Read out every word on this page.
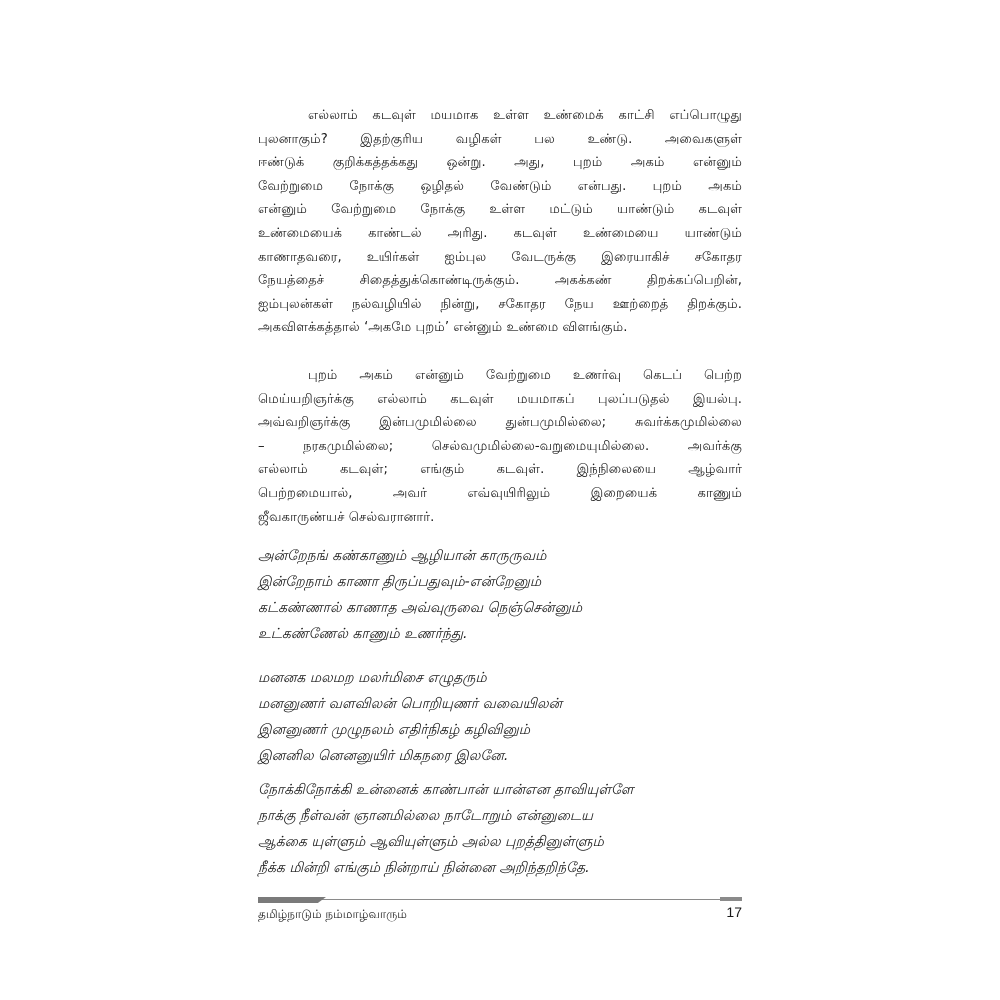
எல்லாம் கடவுள் மயமாக உள்ள உண்மைக் காட்சி எப்பொழுது
புலனாகும்? இதற்குரிய வழிகள் பல உண்டு. அவைகளுள்
ஈண்டுக் குறிக்கத்தக்கது ஒன்று. அது, புறம் அகம் என்னும்
வேற்றுமை நோக்கு ஒழிதல் வேண்டும் என்பது. புறம் அகம்
என்னும் வேற்றுமை நோக்கு உள்ள மட்டும் யாண்டும் கடவுள்
உண்மையைக் காண்டல் அரிது. கடவுள் உண்மையை யாண்டும்
காணாதவரை, உயிர்கள் ஐம்புல வேடருக்கு இரையாகிச் சகோதர
நேயத்தைச் சிதைத்துக்கொண்டிருக்கும். அகக்கண் திறக்கப்பெறின்,
ஐம்புலன்கள் நல்வழியில் நின்று, சகோதர நேய ஊற்றைத் திறக்கும்.
அகவிளக்கத்தால் ‘அகமே புறம்’ என்னும் உண்மை விளங்கும்.
புறம் அகம் என்னும் வேற்றுமை உணர்வு கெடப் பெற்ற
மெய்யறிஞர்க்கு எல்லாம் கடவுள் மயமாகப் புலப்படுதல் இயல்பு.
அவ்வறிஞர்க்கு இன்பமுமில்லை துன்பமுமில்லை; சுவர்க்கமுமில்லை
– நரகமுமில்லை; செல்வமுமில்லை-வறுமையுமில்லை. அவர்க்கு
எல்லாம் கடவுள்; எங்கும் கடவுள். இந்நிலையை ஆழ்வார்
பெற்றமையால், அவர் எவ்வுயிரிலும் இறையைக் காணும்
ஜீவகாருண்யச் செல்வரானார்.
அன்றேநங் கண்காணும் ஆழியான் காருருவம்
இன்றேநாம் காணா திருப்பதுவும்-என்றேனும்
கட்கண்ணால் காணாத அவ்வுருவை நெஞ்சென்னும்
உட்கண்ணேல் காணும் உணர்ந்து.
மனனக மலமற மலர்மிசை எழுதரும்
மனனுணர் வளவிலன் பொறியுணர் வவையிலன்
இனனுணர் முழுநலம் எதிர்நிகழ் கழிவினும்
இனனில னெனனுயிர் மிகநரை இலனே.
நோக்கிநோக்கி உன்னைக் காண்பான் யான்என தாவியுள்ளே
நாக்கு நீள்வன் ஞானமில்லை நாடோறும் என்னுடைய
ஆக்கை யுள்ளும் ஆவியுள்ளும் அல்ல புறத்தினுள்ளும்
நீக்க மின்றி எங்கும் நின்றாய் நின்னை அறிந்தறிந்தே.
தமிழ்நாடும் நம்மாழ்வாரும்	17
